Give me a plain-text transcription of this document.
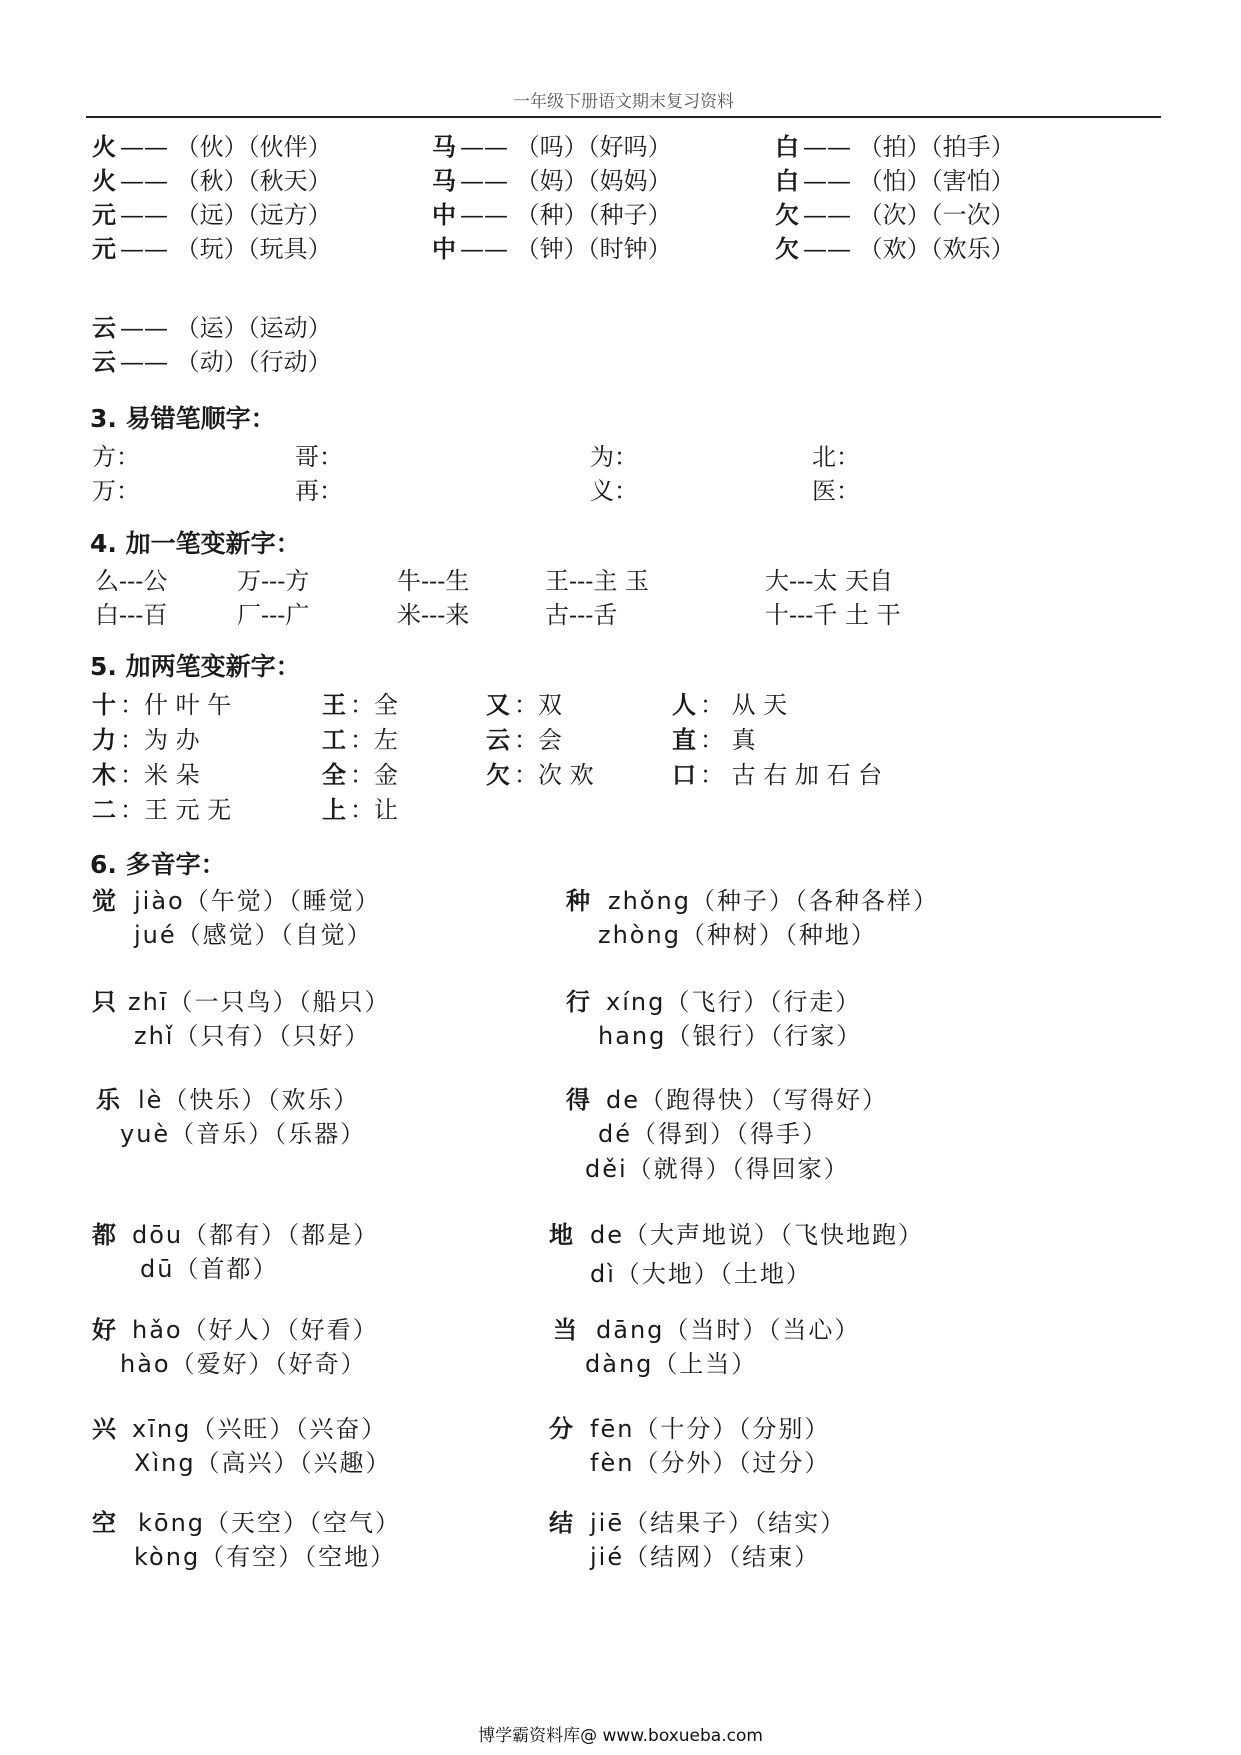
一年级下册语文期末复习资料
火 —— （伙）（伙伴）	马 —— （吗）（好吗）	白 —— （拍）（拍手）
火 —— （秋）（秋天）	马 —— （妈）（妈妈）	白 —— （怕）（害怕）
元 —— （远）（远方）	中 —— （种）（种子）	欠 —— （次）（一次）
元 —— （玩）（玩具）	中 —— （钟）（时钟）	欠 —— （欢）（欢乐）
云 —— （运）（运动）
云 —— （动）（行动）
3. 易错笔顺字：
方：	哥：	为：	北：
万：	再：	义：	医：
4. 加一笔变新字：
么---公	万---方	牛---生	王---主 玉	大---太 天自
白---百	厂---广	米---来	古---舌	十---千 土 干
5. 加两笔变新字：
十 ：什 叶 午	王 ：全	又 ：双	人 ： 从 天
力 ：为 办	工 ：左	云 ：会	直 ： 真
木 ：米 朵	全 ：金	欠 ：次 欢	口 ： 古 右 加 石 台
二 ：王 元 无	上 ：让
6. 多音字：
觉 jiào（午觉）（睡觉）
jué（感觉）（自觉）
只 zhī（一只鸟）（船只）
zhǐ（只有）（只好）
乐 lè（快乐）（欢乐）
yuè（音乐）（乐器）
都 dōu（都有）（都是）
dū（首都）
好 hǎo（好人）（好看）
hào（爱好）（好奇）
兴 xīng（兴旺）（兴奋）
Xìng（高兴）（兴趣）
空 kōng（天空）（空气）
kòng（有空）（空地）
种 zhǒng（种子）（各种各样）
zhòng（种树）（种地）
行 xíng（飞行）（行走）
hang（银行）（行家）
得 de（跑得快）（写得好）
dé（得到）（得手）
děi（就得）（得回家）
地 de（大声地说）（飞快地跑）
dì（大地）（土地）
当 dāng（当时）（当心）
dàng（上当）
分 fēn（十分）（分别）
fèn（分外）（过分）
结 jiē（结果子）（结实）
jié（结网）（结束）
博学霸资料库@ www.boxueba.com
